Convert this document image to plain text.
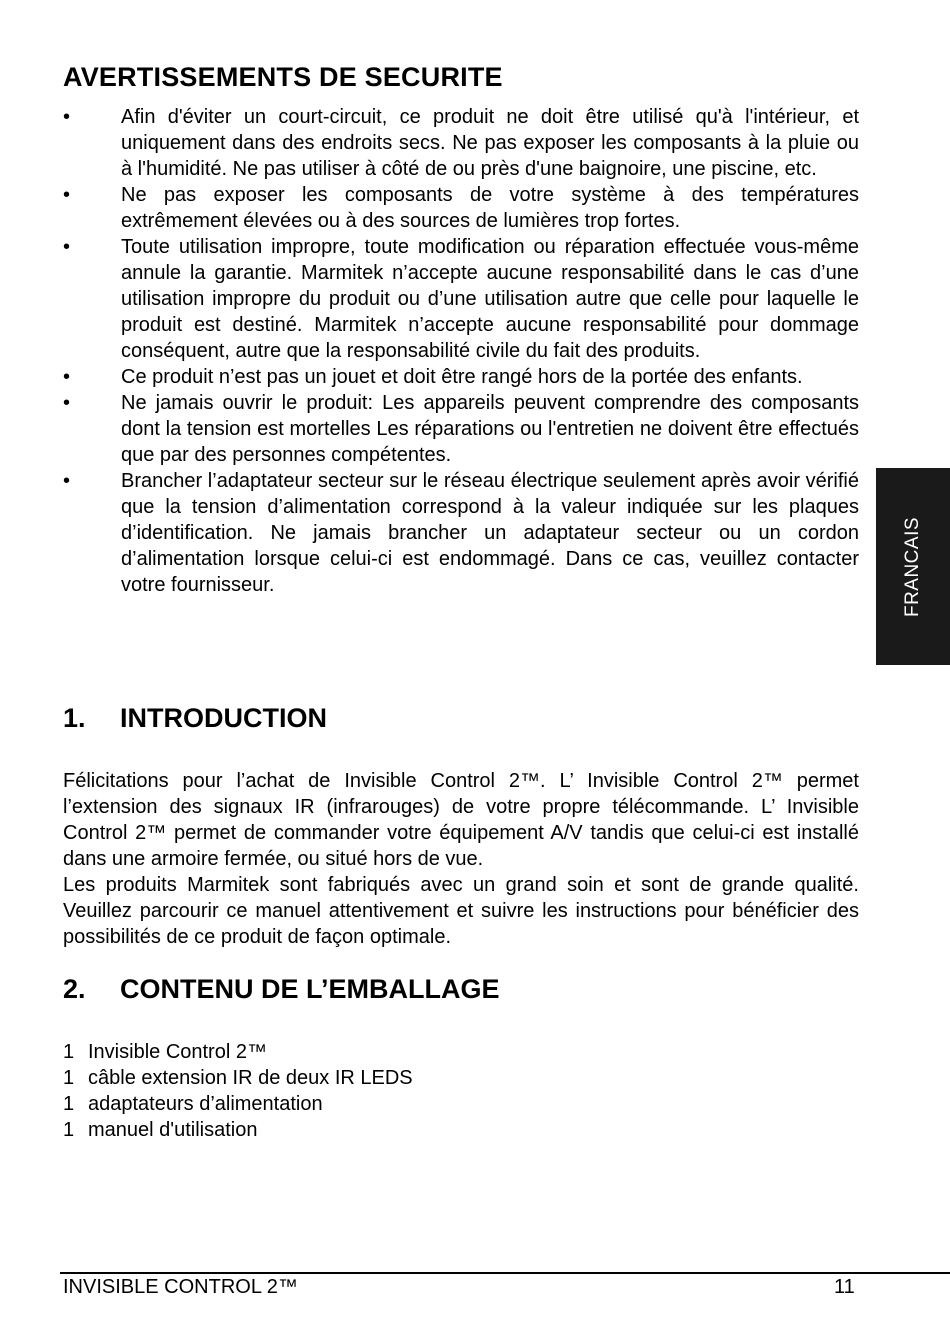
AVERTISSEMENTS DE SECURITE
•	Afin d'éviter un court-circuit, ce produit ne doit être utilisé qu'à l'intérieur, et uniquement dans des endroits secs. Ne pas exposer les composants à la pluie ou à l'humidité. Ne pas utiliser à côté de ou près d'une baignoire, une piscine, etc.
•	Ne pas exposer les composants de votre système à des températures extrêmement élevées ou à des sources de lumières trop fortes.
•	Toute utilisation impropre, toute modification ou réparation effectuée vous-même annule la garantie. Marmitek n’accepte aucune responsabilité dans le cas d’une utilisation impropre du produit ou d’une utilisation autre que celle pour laquelle le produit est destiné. Marmitek n’accepte aucune responsabilité pour dommage conséquent, autre que la responsabilité civile du fait des produits.
•	Ce produit n’est pas un jouet et doit être rangé hors de la portée des enfants.
•	Ne jamais ouvrir le produit: Les appareils peuvent comprendre des composants dont la tension est mortelles Les réparations ou l'entretien ne doivent être effectués que par des personnes compétentes.
•	Brancher l’adaptateur secteur sur le réseau électrique seulement après avoir vérifié que la tension d’alimentation correspond à la valeur indiquée sur les plaques d’identification. Ne jamais brancher un adaptateur secteur ou un cordon d’alimentation lorsque celui-ci est endommagé. Dans ce cas, veuillez contacter votre fournisseur.	FRANCAIS
1. INTRODUCTION

Félicitations pour l’achat de Invisible Control 2™. L’ Invisible Control 2™ permet l’extension des signaux IR (infrarouges) de votre propre télécommande. L’ Invisible Control 2™ permet de commander votre équipement A/V tandis que celui-ci est installé dans une armoire fermée, ou situé hors de vue.

Les produits Marmitek sont fabriqués avec un grand soin et sont de grande qualité. Veuillez parcourir ce manuel attentivement et suivre les instructions pour bénéficier des possibilités de ce produit de façon optimale.

2. CONTENU DE L’EMBALLAGE
1 Invisible Control 2™
1 câble extension IR de deux IR LEDS
1 adaptateurs d’alimentation
1 manuel d'utilisation
INVISIBLE CONTROL 2™	11
